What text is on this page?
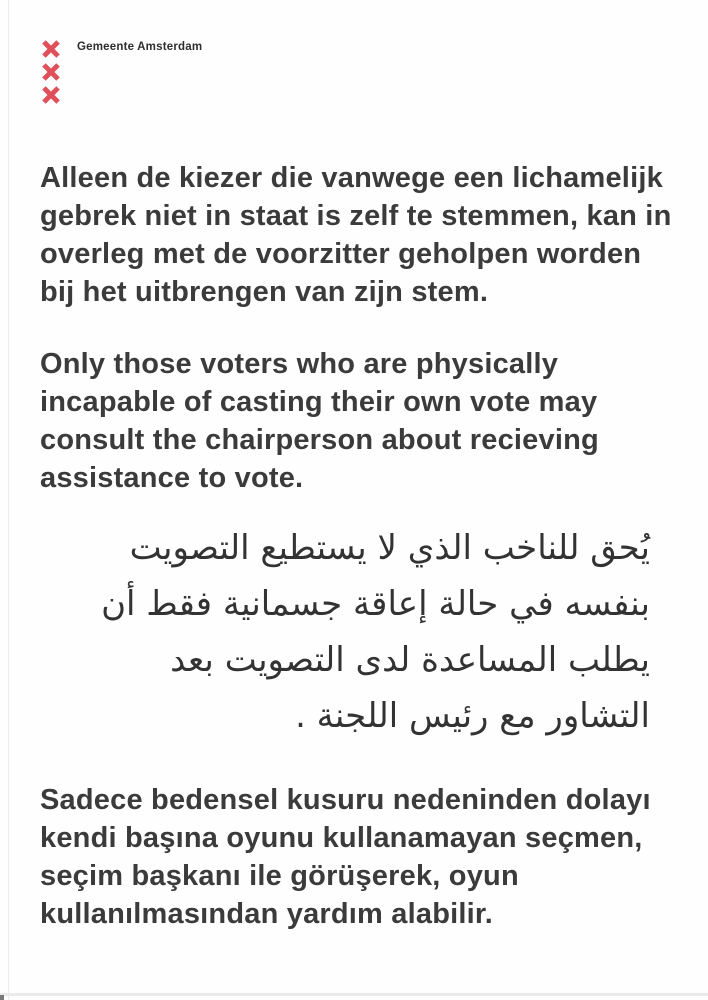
Gemeente Amsterdam
Alleen de kiezer die vanwege een lichamelijk
gebrek niet in staat is zelf te stemmen, kan in
overleg met de voorzitter geholpen worden
bij het uitbrengen van zijn stem.
Only those voters who are physically
incapable of casting their own vote may
consult the chairperson about recieving
assistance to vote.
يُحق للناخب الذي لا يستطيع التصويت
بنفسه في حالة إعاقة جسمانية فقط أن
يطلب المساعدة لدى التصويت بعد
التشاور مع رئيس اللجنة .
Sadece bedensel kusuru nedeninden dolayı
kendi başına oyunu kullanamayan seçmen,
seçim başkanı ile görüşerek, oyun
kullanılmasından yardım alabilir.
